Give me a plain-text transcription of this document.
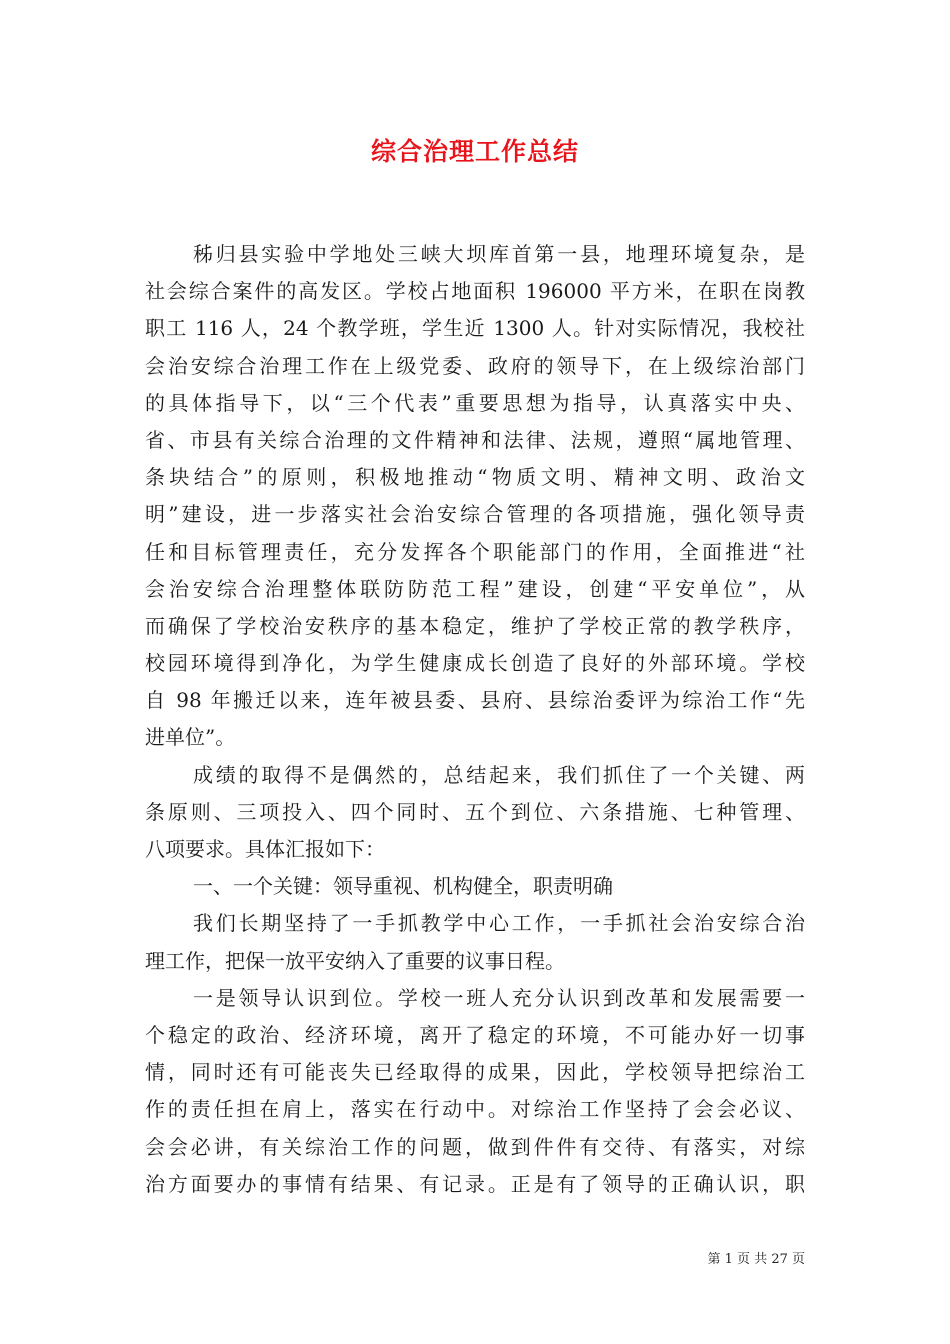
综合治理工作总结
秭归县实验中学地处三峡大坝库首第一县，地理环境复杂，是
社会综合案件的高发区。学校占地面积 196000 平方米，在职在岗教
职工 116 人，24 个教学班，学生近 1300 人。针对实际情况，我校社
会治安综合治理工作在上级党委、政府的领导下，在上级综治部门
的具体指导下，以“三个代表”重要思想为指导，认真落实中央、
省、市县有关综合治理的文件精神和法律、法规，遵照“属地管理、
条块结合”的原则，积极地推动“物质文明、精神文明、政治文
明”建设，进一步落实社会治安综合管理的各项措施，强化领导责
任和目标管理责任，充分发挥各个职能部门的作用，全面推进“社
会治安综合治理整体联防防范工程”建设，创建“平安单位”，从
而确保了学校治安秩序的基本稳定，维护了学校正常的教学秩序，
校园环境得到净化，为学生健康成长创造了良好的外部环境。学校
自 98 年搬迁以来，连年被县委、县府、县综治委评为综治工作“先
进单位”。
成绩的取得不是偶然的，总结起来，我们抓住了一个关键、两
条原则、三项投入、四个同时、五个到位、六条措施、七种管理、
八项要求。具体汇报如下：
一、一个关键：领导重视、机构健全，职责明确
我们长期坚持了一手抓教学中心工作，一手抓社会治安综合治
理工作，把保一放平安纳入了重要的议事日程。
一是领导认识到位。学校一班人充分认识到改革和发展需要一
个稳定的政治、经济环境，离开了稳定的环境，不可能办好一切事
情，同时还有可能丧失已经取得的成果，因此，学校领导把综治工
作的责任担在肩上，落实在行动中。对综治工作坚持了会会必议、
会会必讲，有关综治工作的问题，做到件件有交待、有落实，对综
治方面要办的事情有结果、有记录。正是有了领导的正确认识，职
第 1 页 共 27 页
